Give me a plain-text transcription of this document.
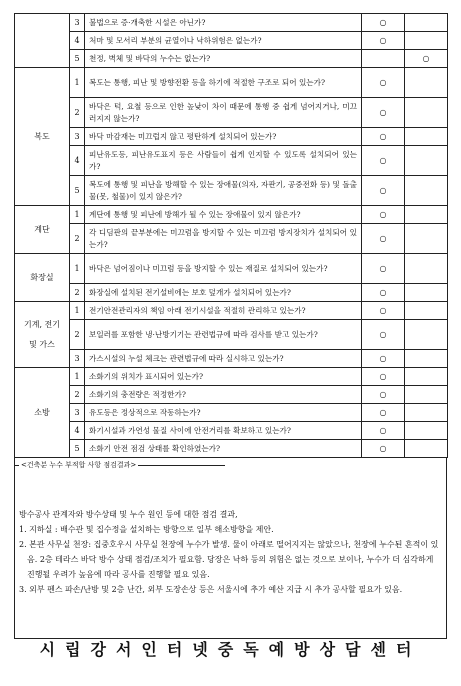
	3	불법으로 증·개축한 시설은 아닌가?	○	
	4	처마 및 모서리 부분의 균열이나 낙하위험은 없는가?	○	
	5	천정, 벽체 및 바닥의 누수는 없는가?		○
복도	1	복도는 통행, 피난 및 방향전환 등을 하기에 적절한 구조로 되어 있는가?	○	
	2	바닥은 턱, 요철 등으로 인한 높낮이 차이 때문에 통행 중 쉽게 넘어지거나, 미끄러지지 않는가?	○	
	3	바닥 마감재는 미끄럽지 않고 평탄하게 설치되어 있는가?	○	
	4	피난유도등, 피난유도표지 등은 사람들이 쉽게 인지할 수 있도록 설치되어 있는가?	○	
	5	복도에 통행 및 피난을 방해할 수 있는 장애물(의자, 자판기, 공중전화 등) 및 돌출물(못, 철물)이 있지 않은가?	○	
계단	1	계단에 통행 및 피난에 방해가 될 수 있는 장애물이 있지 않은가?	○	
	2	각 디딤판의 끝부분에는 미끄럼을 방지할 수 있는 미끄럼 방지장치가 설치되어 있는가?	○	
화장실	1	바닥은 넘어짐이나 미끄럼 등을 방지할 수 있는 재질로 설치되어 있는가?	○	
	2	화장실에 설치된 전기설비에는 보호 덮개가 설치되어 있는가?	○	
기계, 전기 및 가스	1	전기안전관리자의 책임 아래 전기시설을 적절히 관리하고 있는가?	○	
	2	보일러를 포함한 냉·난방기기는 관련법규에 따라 검사를 받고 있는가?	○	
	3	가스시설의 누설 체크는 관련법규에 따라 실시하고 있는가?	○	
소방	1	소화기의 위치가 표시되어 있는가?	○	
	2	소화기의 충전량은 적정한가?	○	
	3	유도등은 정상적으로 작동하는가?	○	
	4	화기시설과 가연성 물질 사이에 안전거리를 확보하고 있는가?	○	
	5	소화기 안전 점검 상태를 확인하였는가?	○	
<건축분 누수 부적합 사항 점검결과>

방수공사 관계자와 방수상태 및 누수 원인 등에 대한 점검 결과,

1. 지하실 : 배수관 및 집수정을 설치하는 방향으로 일부 해소방향을 제안.

2. 본관 사무실 천장: 집중호우시 사무실 천장에 누수가 발생. 물이 아래로 떨어지지는 않았으나, 천장에 누수된 흔적이 있음. 2층 테라스 바닥 방수 상태 점검/조치가 필요함. 당장은 낙하 등의 위험은 없는 것으로 보이나, 누수가 더 심각하게 진행될 우려가 높음에 따라 공사를 진행할 필요 있음.

3. 외부 펜스 파손/난방 및 2층 난간, 외부 도장손상 등은 서울시에 추가 예산 지급 시 추가 공사할 필요가 있음.

시립강서인터넷중독예방상담센터
